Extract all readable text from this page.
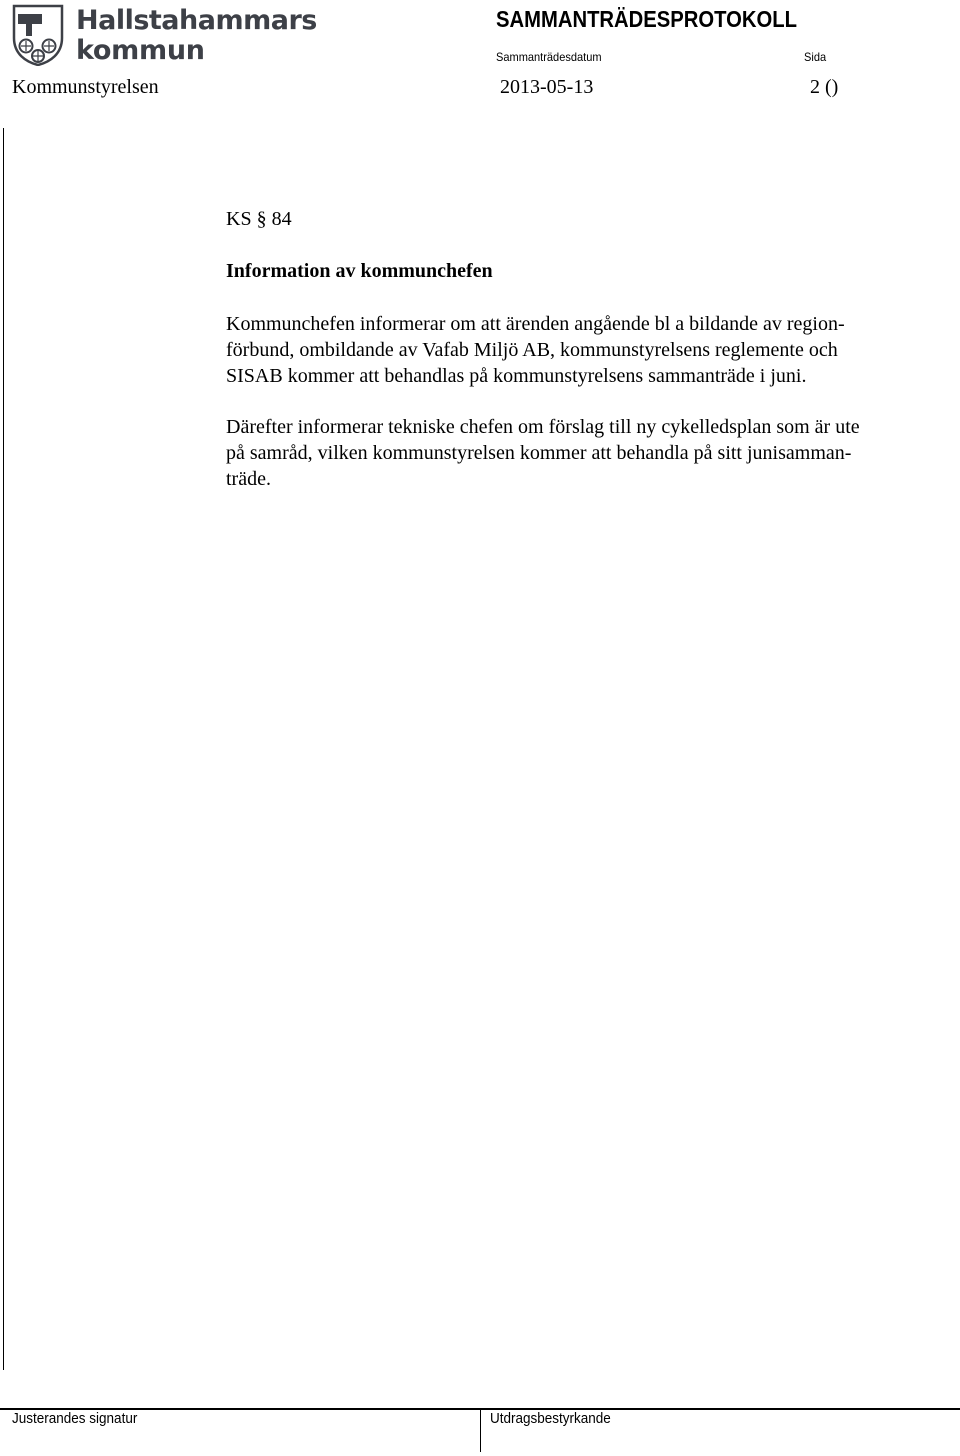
Hallstahammars
kommun
SAMMANTRÄDESPROTOKOLL
Sammanträdesdatum	Sida
Kommunstyrelsen	2013-05-13	2 ()
KS § 84
Information av kommunchefen

Kommunchefen informerar om att ärenden angående bl a bildande av region-
förbund, ombildande av Vafab Miljö AB, kommunstyrelsens reglemente och
SISAB kommer att behandlas på kommunstyrelsens sammanträde i juni.

Därefter informerar tekniske chefen om förslag till ny cykelledsplan som är ute
på samråd, vilken kommunstyrelsen kommer att behandla på sitt junisamman-
träde.

Justerandes signatur	Utdragsbestyrkande
